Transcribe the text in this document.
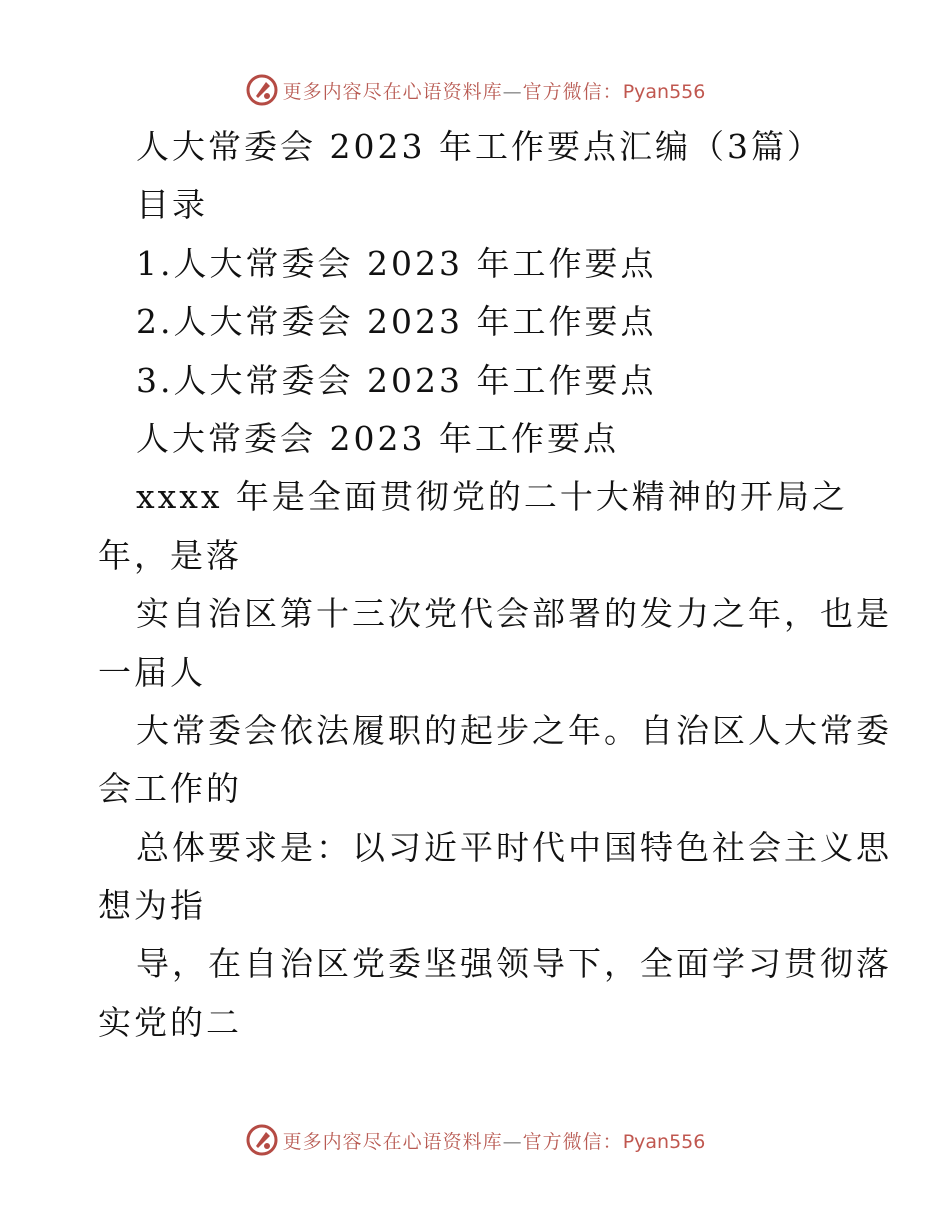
更多内容尽在心语资料库—官方微信：Pyan556
人大常委会 2023 年工作要点汇编（3篇）
目录
1.人大常委会 2023 年工作要点
2.人大常委会 2023 年工作要点
3.人大常委会 2023 年工作要点
人大常委会 2023 年工作要点
xxxx 年是全面贯彻党的二十大精神的开局之
年，是落
实自治区第十三次党代会部署的发力之年，也是
一届人
大常委会依法履职的起步之年。自治区人大常委
会工作的
总体要求是：以习近平时代中国特色社会主义思
想为指
导，在自治区党委坚强领导下，全面学习贯彻落
实党的二
更多内容尽在心语资料库—官方微信：Pyan556
